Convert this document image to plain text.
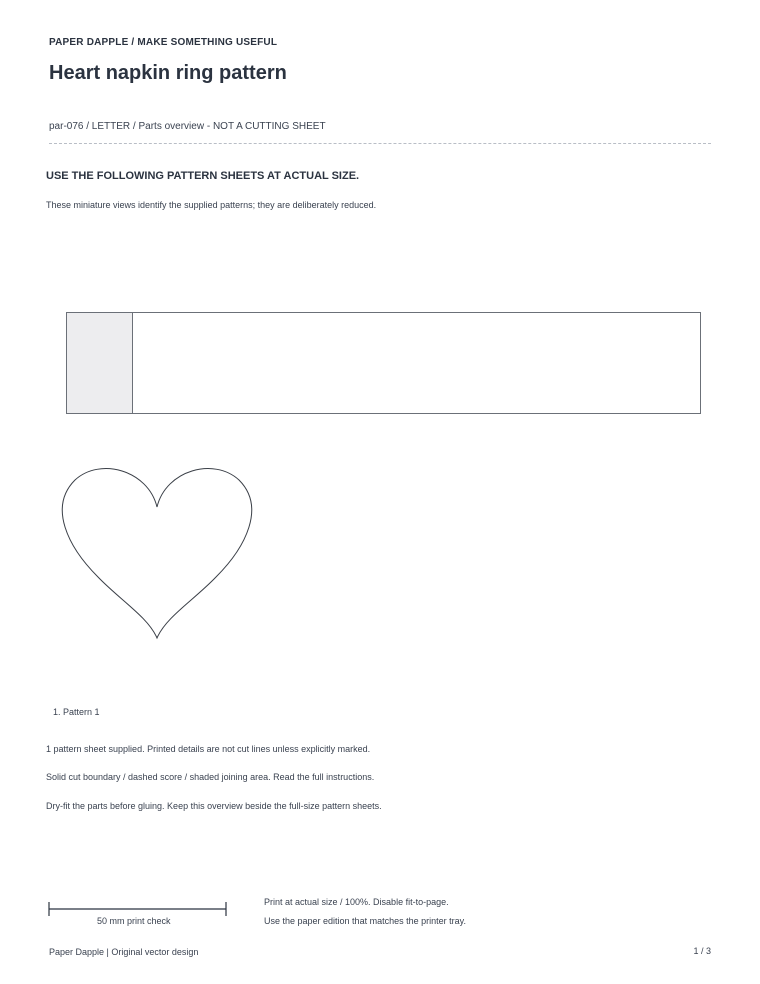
PAPER DAPPLE / MAKE SOMETHING USEFUL
Heart napkin ring pattern
par-076 / LETTER / Parts overview - NOT A CUTTING SHEET
USE THE FOLLOWING PATTERN SHEETS AT ACTUAL SIZE.
These miniature views identify the supplied patterns; they are deliberately reduced.
1. Pattern 1
1 pattern sheet supplied. Printed details are not cut lines unless explicitly marked.
Solid cut boundary / dashed score / shaded joining area. Read the full instructions.
Dry-fit the parts before gluing. Keep this overview beside the full-size pattern sheets.
50 mm print check
Print at actual size / 100%. Disable fit-to-page.
Use the paper edition that matches the printer tray.
Paper Dapple | Original vector design	1 / 3
